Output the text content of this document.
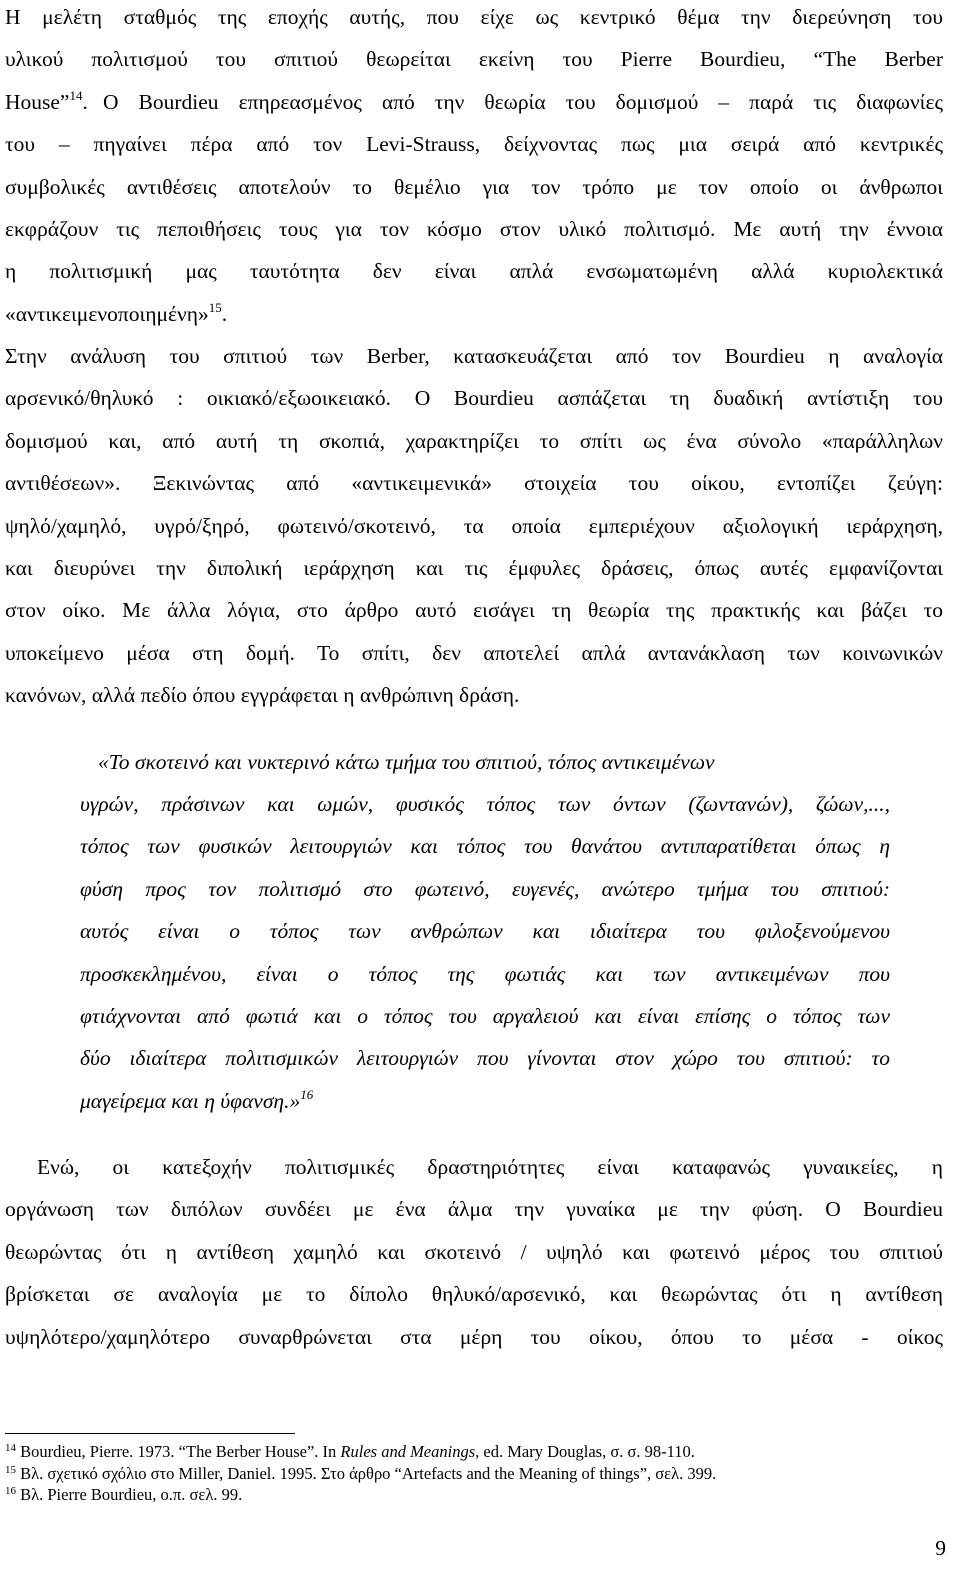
Η μελέτη σταθμός της εποχής αυτής, που είχε ως κεντρικό θέμα την διερεύνηση του
υλικού πολιτισμού του σπιτιού θεωρείται εκείνη του Pierre Bourdieu, “The Berber
House”$^{14}$. Ο Bourdieu επηρεασμένος από την θεωρία του δομισμού – παρά τις διαφωνίες
του – πηγαίνει πέρα από τον Levi-Strauss, δείχνοντας πως μια σειρά από κεντρικές
συμβολικές αντιθέσεις αποτελούν το θεμέλιο για τον τρόπο με τον οποίο οι άνθρωποι
εκφράζουν τις πεποιθήσεις τους για τον κόσμο στον υλικό πολιτισμό. Με αυτή την έννοια
η πολιτισμική μας ταυτότητα δεν είναι απλά ενσωματωμένη αλλά κυριολεκτικά
«αντικειμενοποιημένη»$^{15}$.
Στην ανάλυση του σπιτιού των Berber, κατασκευάζεται από τον Bourdieu η αναλογία
αρσενικό/θηλυκό : οικιακό/εξωοικειακό. Ο Bourdieu ασπάζεται τη δυαδική αντίστιξη του
δομισμού και, από αυτή τη σκοπιά, χαρακτηρίζει το σπίτι ως ένα σύνολο «παράλληλων
αντιθέσεων». Ξεκινώντας από «αντικειμενικά» στοιχεία του οίκου, εντοπίζει ζεύγη:
ψηλό/χαμηλό, υγρό/ξηρό, φωτεινό/σκοτεινό, τα οποία εμπεριέχουν αξιολογική ιεράρχηση,
και διευρύνει την διπολική ιεράρχηση και τις έμφυλες δράσεις, όπως αυτές εμφανίζονται
στον οίκο. Με άλλα λόγια, στο άρθρο αυτό εισάγει τη θεωρία της πρακτικής και βάζει το
υποκείμενο μέσα στη δομή. Το σπίτι, δεν αποτελεί απλά αντανάκλαση των κοινωνικών
κανόνων, αλλά πεδίο όπου εγγράφεται η ανθρώπινη δράση.
«Το σκοτεινό και νυκτερινό κάτω τμήμα του σπιτιού, τόπος αντικειμένων
υγρών, πράσινων και ωμών, φυσικός τόπος των όντων (ζωντανών), ζώων,...,
τόπος των φυσικών λειτουργιών και τόπος του θανάτου αντιπαρατίθεται όπως η
φύση προς τον πολιτισμό στο φωτεινό, ευγενές, ανώτερο τμήμα του σπιτιού:
αυτός είναι ο τόπος των ανθρώπων και ιδιαίτερα του φιλοξενούμενου
προσκεκλημένου, είναι ο τόπος της φωτιάς και των αντικειμένων που
φτιάχνονται από φωτιά και ο τόπος του αργαλειού και είναι επίσης ο τόπος των
δύο ιδιαίτερα πολιτισμικών λειτουργιών που γίνονται στον χώρο του σπιτιού: το
μαγείρεμα και η ύφανση.»$^{16}$
Ενώ, οι κατεξοχήν πολιτισμικές δραστηριότητες είναι καταφανώς γυναικείες, η
οργάνωση των διπόλων συνδέει με ένα άλμα την γυναίκα με την φύση. Ο Bourdieu
θεωρώντας ότι η αντίθεση χαμηλό και σκοτεινό / υψηλό και φωτεινό μέρος του σπιτιού
βρίσκεται σε αναλογία με το δίπολο θηλυκό/αρσενικό, και θεωρώντας ότι η αντίθεση
υψηλότερο/χαμηλότερο συναρθρώνεται στα μέρη του οίκου, όπου το μέσα - οίκος
$^{14}$ Bourdieu, Pierre. 1973. “The Berber House”. In Rules and Meanings, ed. Mary Douglas, σ. σ. 98-110.
$^{15}$ Βλ. σχετικό σχόλιο στο Miller, Daniel. 1995. Στο άρθρο “Artefacts and the Meaning of things”, σελ. 399.
$^{16}$ Βλ. Pierre Bourdieu, ο.π. σελ. 99.
9
